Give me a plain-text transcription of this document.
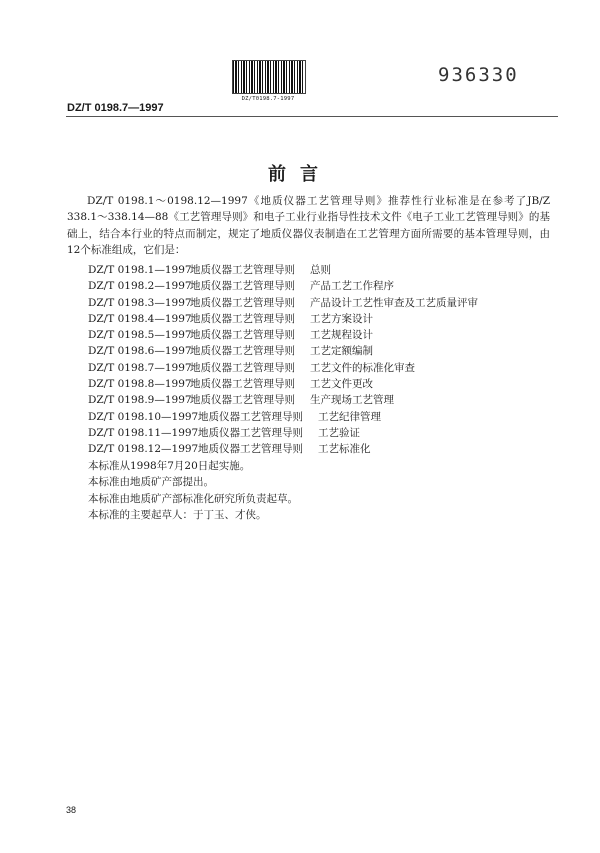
DZ/T0198.7-1997
936330
DZ/T 0198.7—1997
前言

DZ/T 0198.1～0198.12—1997《地质仪器工艺管理导则》推荐性行业标准是在参考了JB/Z 338.1～338.14—88《工艺管理导则》和电子工业行业指导性技术文件《电子工业工艺管理导则》的基础上，结合本行业的特点而制定，规定了地质仪器仪表制造在工艺管理方面所需要的基本管理导则，由12个标准组成，它们是：

DZ/T 0198.1—1997地质仪器工艺管理导则 总则
DZ/T 0198.2—1997地质仪器工艺管理导则 产品工艺工作程序
DZ/T 0198.3—1997地质仪器工艺管理导则 产品设计工艺性审查及工艺质量评审
DZ/T 0198.4—1997地质仪器工艺管理导则 工艺方案设计
DZ/T 0198.5—1997地质仪器工艺管理导则 工艺规程设计
DZ/T 0198.6—1997地质仪器工艺管理导则 工艺定额编制
DZ/T 0198.7—1997地质仪器工艺管理导则 工艺文件的标准化审查
DZ/T 0198.8—1997地质仪器工艺管理导则 工艺文件更改
DZ/T 0198.9—1997地质仪器工艺管理导则 生产现场工艺管理
DZ/T 0198.10—1997地质仪器工艺管理导则 工艺纪律管理
DZ/T 0198.11—1997地质仪器工艺管理导则 工艺验证
DZ/T 0198.12—1997地质仪器工艺管理导则 工艺标准化
本标准从1998年7月20日起实施。
本标准由地质矿产部提出。
本标准由地质矿产部标准化研究所负责起草。
本标准的主要起草人：于丁玉、才侠。
38
